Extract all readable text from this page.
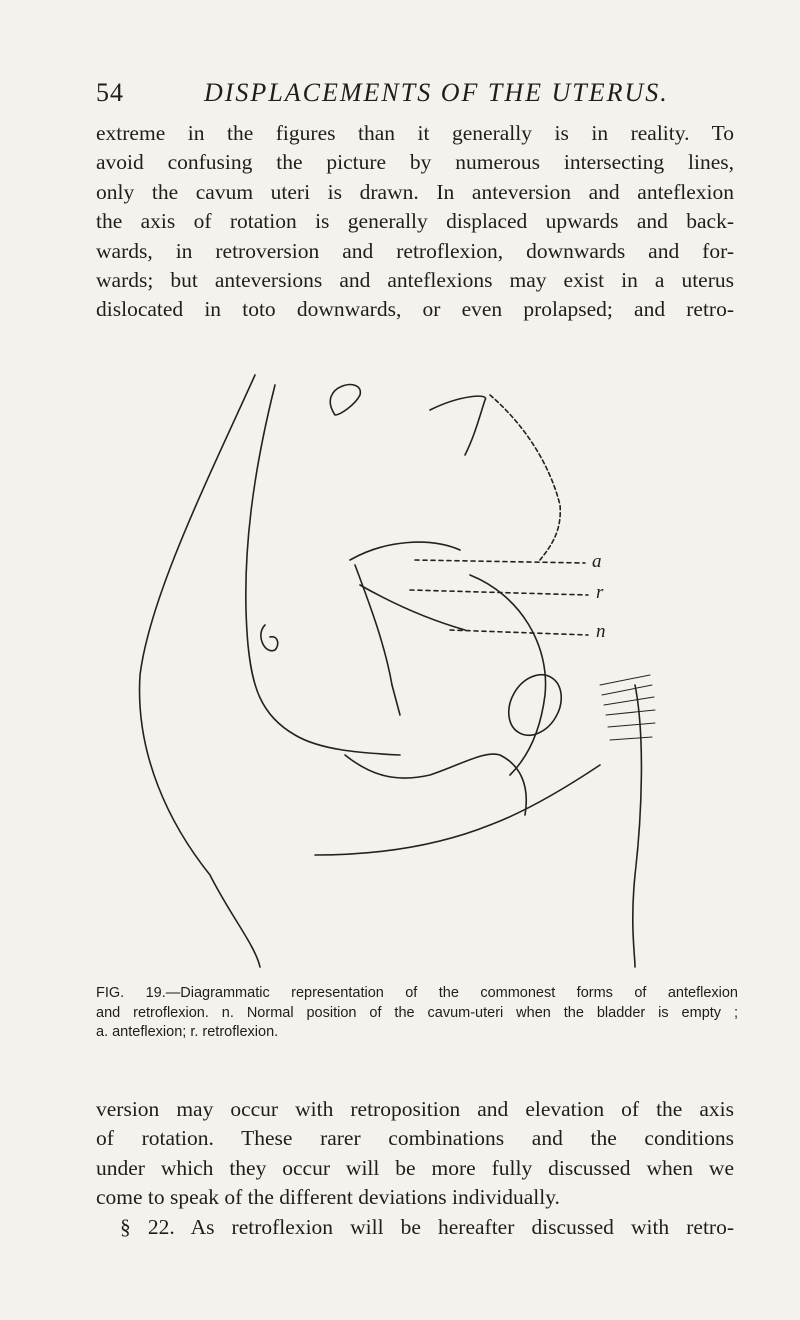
54	DISPLACEMENTS OF THE UTERUS.
extreme in the figures than it generally is in reality. To
avoid confusing the picture by numerous intersecting lines,
only the cavum uteri is drawn. In anteversion and anteflexion
the axis of rotation is generally displaced upwards and back-
wards, in retroversion and retroflexion, downwards and for-
wards; but anteversions and anteflexions may exist in a uterus
dislocated in toto downwards, or even prolapsed; and retro-
a
r
n
FIG. 19.—Diagrammatic representation of the commonest forms of anteflexion
and retroflexion. n. Normal position of the cavum-uteri when the bladder is empty ;
a. anteflexion; r. retroflexion.
version may occur with retroposition and elevation of the axis
of rotation. These rarer combinations and the conditions
under which they occur will be more fully discussed when we
come to speak of the different deviations individually.
§ 22. As retroflexion will be hereafter discussed with retro-
